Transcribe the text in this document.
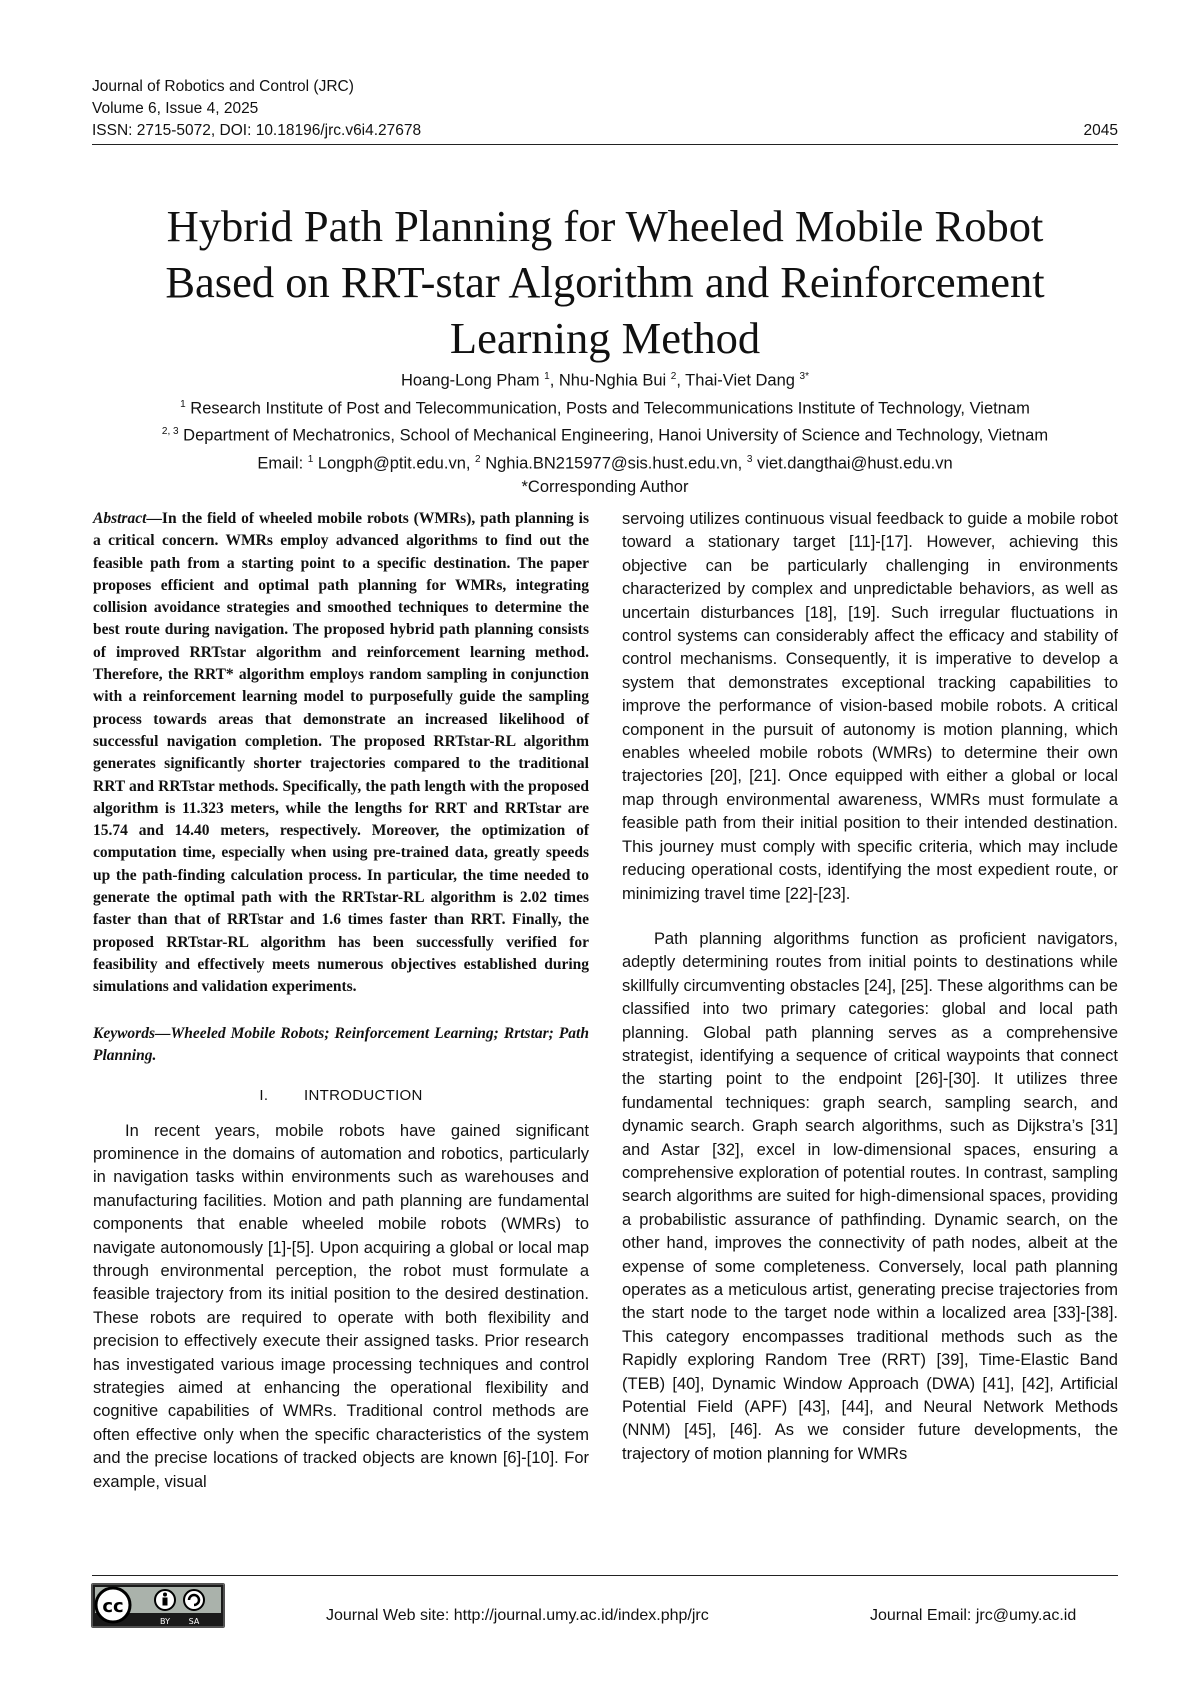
Journal of Robotics and Control (JRC)
Volume 6, Issue 4, 2025
ISSN: 2715-5072, DOI: 10.18196/jrc.v6i4.27678	2045
Hybrid Path Planning for Wheeled Mobile Robot
Based on RRT-star Algorithm and Reinforcement
Learning Method
Hoang-Long Pham $^1$, Nhu-Nghia Bui $^2$, Thai-Viet Dang $^{3*}$
$^1$ Research Institute of Post and Telecommunication, Posts and Telecommunications Institute of Technology, Vietnam
$^{2, 3}$ Department of Mechatronics, School of Mechanical Engineering, Hanoi University of Science and Technology, Vietnam
Email: $^1$ Longph@ptit.edu.vn, $^2$ Nghia.BN215977@sis.hust.edu.vn, $^3$ viet.dangthai@hust.edu.vn
*Corresponding Author

Abstract—In the field of wheeled mobile robots (WMRs), path planning is a critical concern. WMRs employ advanced algorithms to find out the feasible path from a starting point to a specific destination. The paper proposes efficient and optimal path planning for WMRs, integrating collision avoidance strategies and smoothed techniques to determine the best route during navigation. The proposed hybrid path planning consists of improved RRTstar algorithm and reinforcement learning method. Therefore, the RRT* algorithm employs random sampling in conjunction with a reinforcement learning model to purposefully guide the sampling process towards areas that demonstrate an increased likelihood of successful navigation completion. The proposed RRTstar-RL algorithm generates significantly shorter trajectories compared to the traditional RRT and RRTstar methods. Specifically, the path length with the proposed algorithm is 11.323 meters, while the lengths for RRT and RRTstar are 15.74 and 14.40 meters, respectively. Moreover, the optimization of computation time, especially when using pre-trained data, greatly speeds up the path-finding calculation process. In particular, the time needed to generate the optimal path with the RRTstar-RL algorithm is 2.02 times faster than that of RRTstar and 1.6 times faster than RRT. Finally, the proposed RRTstar-RL algorithm has been successfully verified for feasibility and effectively meets numerous objectives established during simulations and validation experiments.

Keywords—Wheeled Mobile Robots; Reinforcement Learning; Rrtstar; Path Planning.

I. INTRODUCTION

In recent years, mobile robots have gained significant prominence in the domains of automation and robotics, particularly in navigation tasks within environments such as warehouses and manufacturing facilities. Motion and path planning are fundamental components that enable wheeled mobile robots (WMRs) to navigate autonomously [1]-[5]. Upon acquiring a global or local map through environmental perception, the robot must formulate a feasible trajectory from its initial position to the desired destination. These robots are required to operate with both flexibility and precision to effectively execute their assigned tasks. Prior research has investigated various image processing techniques and control strategies aimed at enhancing the operational flexibility and cognitive capabilities of WMRs. Traditional control methods are often effective only when the specific characteristics of the system and the precise locations of tracked objects are known [6]-[10]. For example, visual

servoing utilizes continuous visual feedback to guide a mobile robot toward a stationary target [11]-[17]. However, achieving this objective can be particularly challenging in environments characterized by complex and unpredictable behaviors, as well as uncertain disturbances [18], [19]. Such irregular fluctuations in control systems can considerably affect the efficacy and stability of control mechanisms. Consequently, it is imperative to develop a system that demonstrates exceptional tracking capabilities to improve the performance of vision-based mobile robots. A critical component in the pursuit of autonomy is motion planning, which enables wheeled mobile robots (WMRs) to determine their own trajectories [20], [21]. Once equipped with either a global or local map through environmental awareness, WMRs must formulate a feasible path from their initial position to their intended destination. This journey must comply with specific criteria, which may include reducing operational costs, identifying the most expedient route, or minimizing travel time [22]-[23].

Path planning algorithms function as proficient navigators, adeptly determining routes from initial points to destinations while skillfully circumventing obstacles [24], [25]. These algorithms can be classified into two primary categories: global and local path planning. Global path planning serves as a comprehensive strategist, identifying a sequence of critical waypoints that connect the starting point to the endpoint [26]-[30]. It utilizes three fundamental techniques: graph search, sampling search, and dynamic search. Graph search algorithms, such as Dijkstra’s [31] and Astar [32], excel in low-dimensional spaces, ensuring a comprehensive exploration of potential routes. In contrast, sampling search algorithms are suited for high-dimensional spaces, providing a probabilistic assurance of pathfinding. Dynamic search, on the other hand, improves the connectivity of path nodes, albeit at the expense of some completeness. Conversely, local path planning operates as a meticulous artist, generating precise trajectories from the start node to the target node within a localized area [33]-[38]. This category encompasses traditional methods such as the Rapidly exploring Random Tree (RRT) [39], Time-Elastic Band (TEB) [40], Dynamic Window Approach (DWA) [41], [42], Artificial Potential Field (APF) [43], [44], and Neural Network Methods (NNM) [45], [46]. As we consider future developments, the trajectory of motion planning for WMRs

cc
BY SA	Journal Web site: http://journal.umy.ac.id/index.php/jrc	Journal Email: jrc@umy.ac.id
